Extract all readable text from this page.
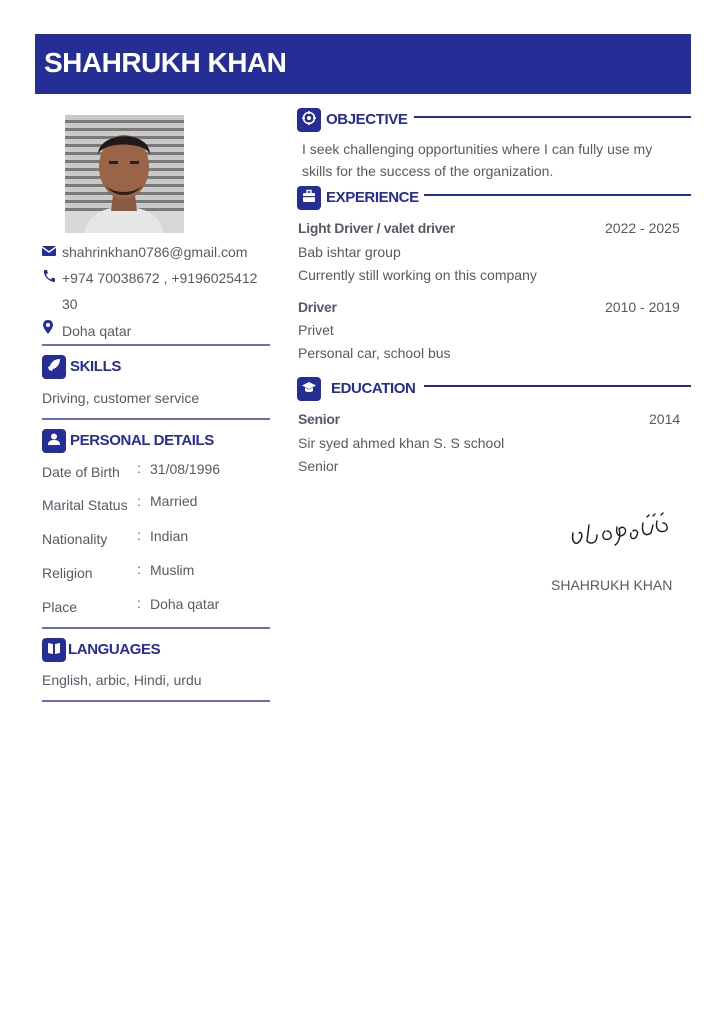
SHAHRUKH KHAN
shahrinkhan0786@gmail.com
+974 70038672 , +9196025412
30
Doha qatar
SKILLS
Driving, customer service
PERSONAL DETAILS
Date of Birth : 31/08/1996
Marital Status : Married
Nationality : Indian
Religion	: Muslim
Place	: Doha qatar
LANGUAGES
English, arbic, Hindi, urdu
OBJECTIVE
I seek challenging opportunities where I can fully use my
skills for the success of the organization.
EXPERIENCE
Light Driver / valet driver	2022 - 2025
Bab ishtar group
Currently still working on this company
Driver	2010 - 2019
Privet
Personal car, school bus
EDUCATION
Senior	2014
Sir syed ahmed khan S. S school
Senior
SHAHRUKH KHAN
